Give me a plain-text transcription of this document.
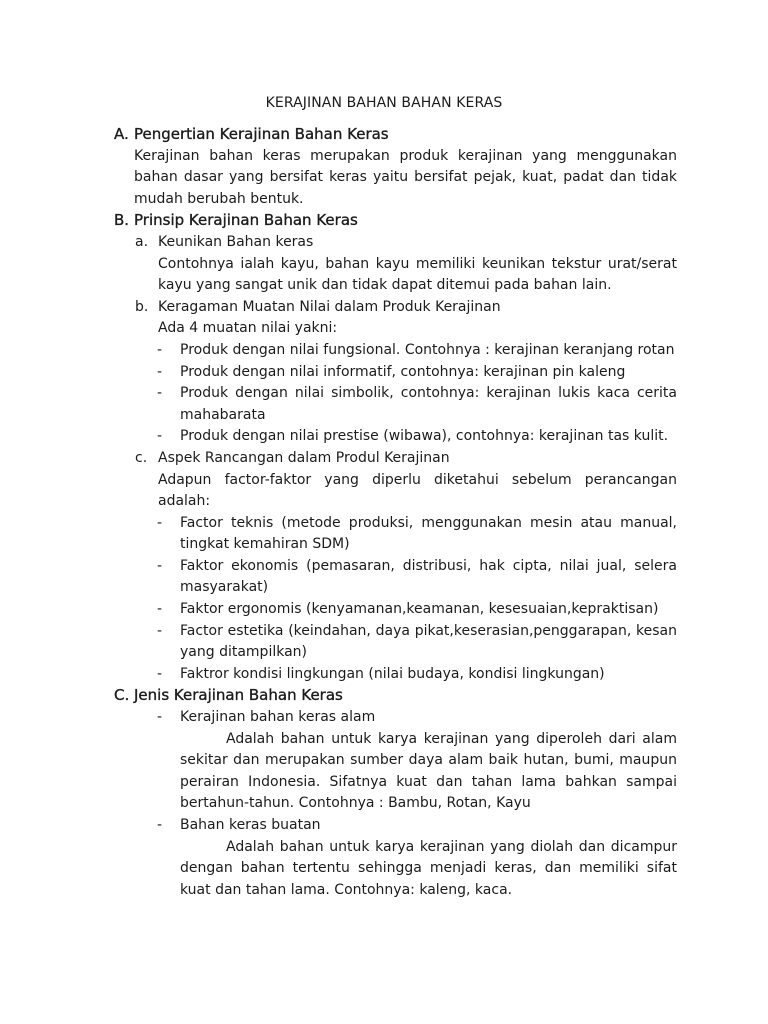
KERAJINAN BAHAN BAHAN KERAS
A. Pengertian Kerajinan Bahan Keras
Kerajinan bahan keras merupakan produk kerajinan yang menggunakan bahan dasar yang bersifat keras yaitu bersifat pejak, kuat, padat dan tidak mudah berubah bentuk.
B. Prinsip Kerajinan Bahan Keras
a. Keunikan Bahan keras
Contohnya ialah kayu, bahan kayu memiliki keunikan tekstur urat/serat kayu yang sangat unik dan tidak dapat ditemui pada bahan lain.
b. Keragaman Muatan Nilai dalam Produk Kerajinan
Ada 4 muatan nilai yakni:
- Produk dengan nilai fungsional. Contohnya : kerajinan keranjang rotan
- Produk dengan nilai informatif, contohnya: kerajinan pin kaleng
- Produk dengan nilai simbolik, contohnya: kerajinan lukis kaca cerita mahabarata
- Produk dengan nilai prestise (wibawa), contohnya: kerajinan tas kulit.
c. Aspek Rancangan dalam Produl Kerajinan
Adapun factor-faktor yang diperlu diketahui sebelum perancangan adalah:
- Factor teknis (metode produksi, menggunakan mesin atau manual, tingkat kemahiran SDM)
- Faktor ekonomis (pemasaran, distribusi, hak cipta, nilai jual, selera masyarakat)
- Faktor ergonomis (kenyamanan,keamanan, kesesuaian,kepraktisan)
- Factor estetika (keindahan, daya pikat,keserasian,penggarapan, kesan yang ditampilkan)
- Faktror kondisi lingkungan (nilai budaya, kondisi lingkungan)
C. Jenis Kerajinan Bahan Keras
- Kerajinan bahan keras alam
Adalah bahan untuk karya kerajinan yang diperoleh dari alam sekitar dan merupakan sumber daya alam baik hutan, bumi, maupun perairan Indonesia. Sifatnya kuat dan tahan lama bahkan sampai bertahun-tahun. Contohnya : Bambu, Rotan, Kayu
- Bahan keras buatan
Adalah bahan untuk karya kerajinan yang diolah dan dicampur dengan bahan tertentu sehingga menjadi keras, dan memiliki sifat kuat dan tahan lama. Contohnya: kaleng, kaca.
